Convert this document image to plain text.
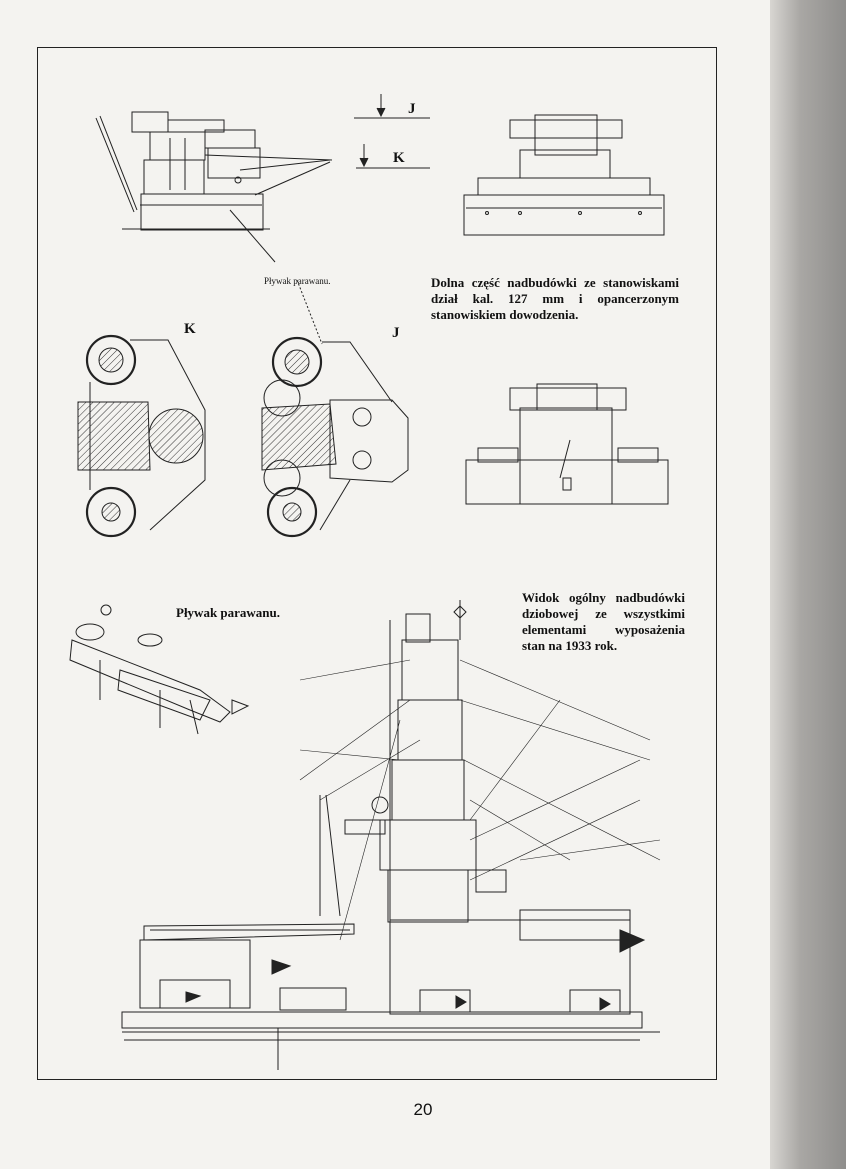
J

K

K	J

Pływak parawanu.	Dolna część nadbudówki ze stanowiskami
dział kal. 127 mm i opancerzonym
stanowiskiem dowodzenia.

Pływak parawanu.

Widok ogólny nadbudówki
dziobowej ze wszystkimi
elementami wyposażenia
stan na 1933 rok.

20
